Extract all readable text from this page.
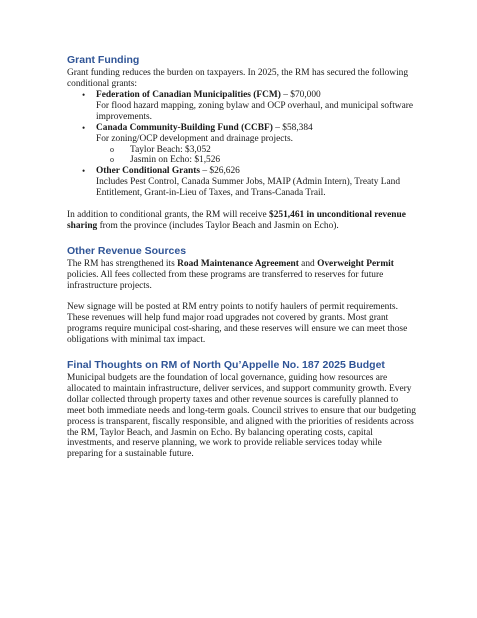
Grant Funding

Grant funding reduces the burden on taxpayers. In 2025, the RM has secured the following conditional grants:

• Federation of Canadian Municipalities (FCM) – $70,000
For flood hazard mapping, zoning bylaw and OCP overhaul, and municipal software improvements.
• Canada Community-Building Fund (CCBF) – $58,384
For zoning/OCP development and drainage projects.
o Taylor Beach: $3,052
o Jasmin on Echo: $1,526
• Other Conditional Grants – $26,626
Includes Pest Control, Canada Summer Jobs, MAIP (Admin Intern), Treaty Land Entitlement, Grant-in-Lieu of Taxes, and Trans-Canada Trail.

In addition to conditional grants, the RM will receive $251,461 in unconditional revenue sharing from the province (includes Taylor Beach and Jasmin on Echo).

Other Revenue Sources

The RM has strengthened its Road Maintenance Agreement and Overweight Permit policies. All fees collected from these programs are transferred to reserves for future infrastructure projects.

New signage will be posted at RM entry points to notify haulers of permit requirements. These revenues will help fund major road upgrades not covered by grants. Most grant programs require municipal cost-sharing, and these reserves will ensure we can meet those obligations with minimal tax impact.

Final Thoughts on RM of North Qu’Appelle No. 187 2025 Budget

Municipal budgets are the foundation of local governance, guiding how resources are allocated to maintain infrastructure, deliver services, and support community growth. Every dollar collected through property taxes and other revenue sources is carefully planned to meet both immediate needs and long-term goals. Council strives to ensure that our budgeting process is transparent, fiscally responsible, and aligned with the priorities of residents across the RM, Taylor Beach, and Jasmin on Echo. By balancing operating costs, capital investments, and reserve planning, we work to provide reliable services today while preparing for a sustainable future.
